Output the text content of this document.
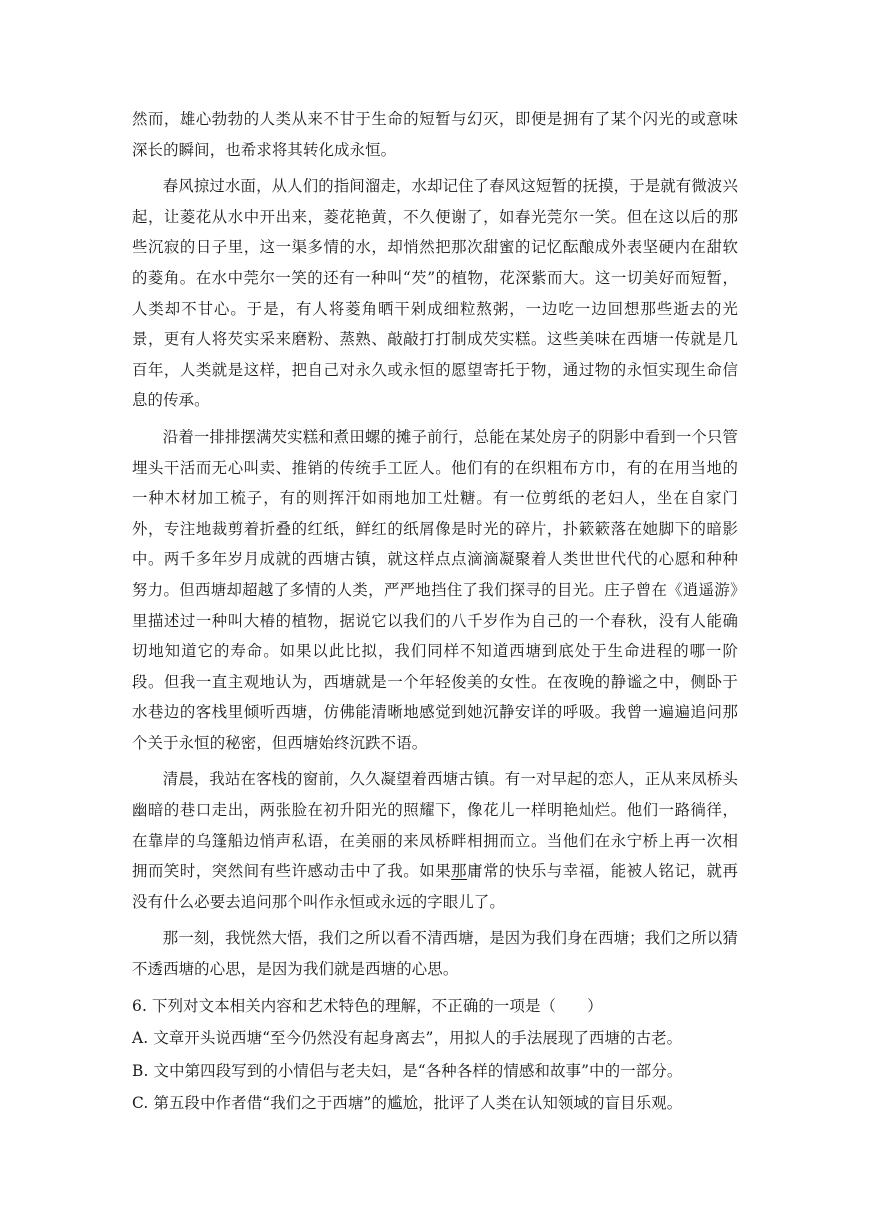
然而，雄心勃勃的人类从来不甘于生命的短暂与幻灭，即便是拥有了某个闪光的或意味深长的瞬间，也希求将其转化成永恒。

春风掠过水面，从人们的指间溜走，水却记住了春风这短暂的抚摸，于是就有微波兴起，让菱花从水中开出来，菱花艳黄，不久便谢了，如春光莞尔一笑。但在这以后的那些沉寂的日子里，这一渠多情的水，却悄然把那次甜蜜的记忆酝酿成外表坚硬内在甜软的菱角。在水中莞尔一笑的还有一种叫“芡”的植物，花深紫而大。这一切美好而短暂，人类却不甘心。于是，有人将菱角晒干剁成细粒熬粥，一边吃一边回想那些逝去的光景，更有人将芡实采来磨粉、蒸熟、敲敲打打制成芡实糕。这些美味在西塘一传就是几百年，人类就是这样，把自己对永久或永恒的愿望寄托于物，通过物的永恒实现生命信息的传承。

沿着一排排摆满芡实糕和煮田螺的摊子前行，总能在某处房子的阴影中看到一个只管埋头干活而无心叫卖、推销的传统手工匠人。他们有的在织粗布方巾，有的在用当地的一种木材加工梳子，有的则挥汗如雨地加工灶糖。有一位剪纸的老妇人，坐在自家门外，专注地裁剪着折叠的红纸，鲜红的纸屑像是时光的碎片，扑簌簌落在她脚下的暗影中。两千多年岁月成就的西塘古镇，就这样点点滴滴凝聚着人类世世代代的心愿和种种努力。但西塘却超越了多情的人类，严严地挡住了我们探寻的目光。庄子曾在《逍遥游》里描述过一种叫大椿的植物，据说它以我们的八千岁作为自己的一个春秋，没有人能确切地知道它的寿命。如果以此比拟，我们同样不知道西塘到底处于生命进程的哪一阶段。但我一直主观地认为，西塘就是一个年轻俊美的女性。在夜晚的静谧之中，侧卧于水巷边的客栈里倾听西塘，仿佛能清晰地感觉到她沉静安详的呼吸。我曾一遍遍追问那个关于永恒的秘密，但西塘始终沉跌不语。

清晨，我站在客栈的窗前，久久凝望着西塘古镇。有一对早起的恋人，正从来凤桥头幽暗的巷口走出，两张脸在初升阳光的照耀下，像花儿一样明艳灿烂。他们一路徜徉，在靠岸的乌篷船边悄声私语，在美丽的来凤桥畔相拥而立。当他们在永宁桥上再一次相拥而笑时，突然间有些许感动击中了我。如果那庸常的快乐与幸福，能被人铭记，就再没有什么必要去追问那个叫作永恒或永远的字眼儿了。

那一刻，我恍然大悟，我们之所以看不清西塘，是因为我们身在西塘；我们之所以猜不透西塘的心思，是因为我们就是西塘的心思。

6. 下列对文本相关内容和艺术特色的理解，不正确的一项是（　　）

A. 文章开头说西塘“至今仍然没有起身离去”，用拟人的手法展现了西塘的古老。

B. 文中第四段写到的小情侣与老夫妇，是“各种各样的情感和故事”中的一部分。

C. 第五段中作者借“我们之于西塘”的尴尬，批评了人类在认知领域的盲目乐观。
